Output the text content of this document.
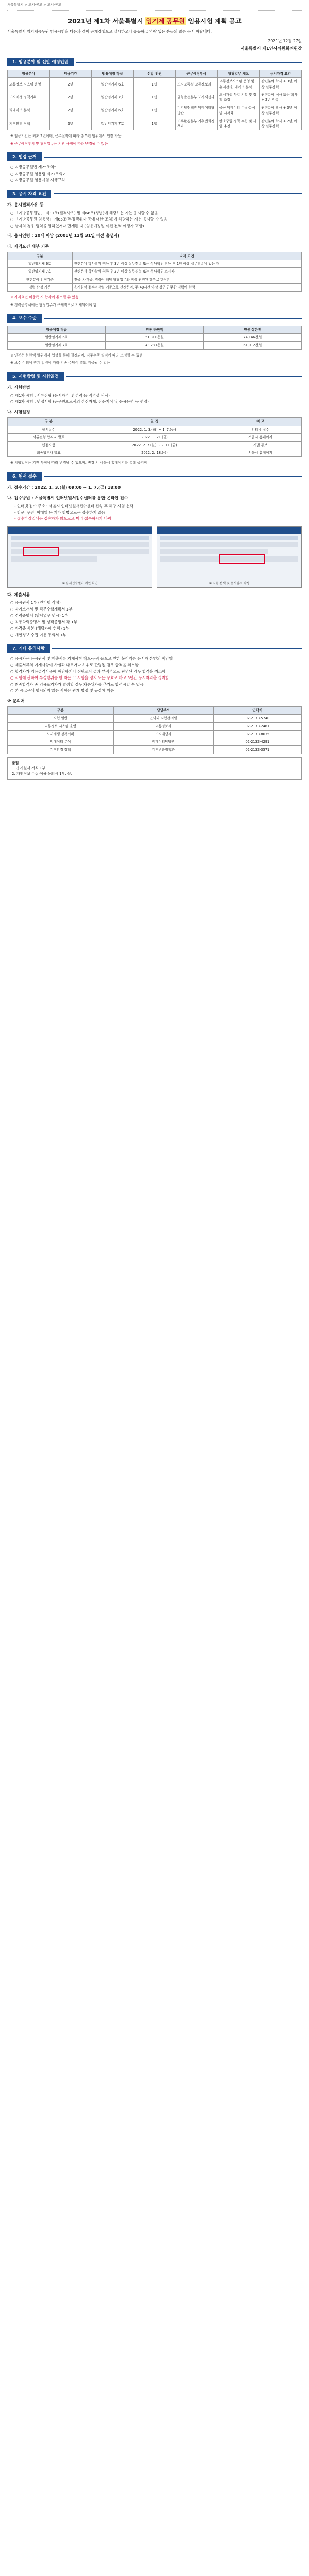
서울특별시 > 고시·공고 > 고시·공고
2021년 제1차 서울특별시 임기제 공무원 임용시험 계획 공고

서울특별시 임기제공무원 임용시험을 다음과 같이 공개경쟁으로 실시하오니 유능하고 역량 있는 분들의 많은 응시 바랍니다.

2021년 12월 27일
서울특별시 제1인사위원회위원장
1. 임용분야 및 선발 예정인원
임용분야	임용기간	임용예정 직급	선발 인원	근무예정부서	담당업무 개요	응시자격 요건
교통정보 시스템 운영	2년	일반임기제 6호	1명	도시교통실 교통정보과	교통정보시스템 운영 및 유지관리, 데이터 분석	관련분야 학사 + 3년 이상 실무경력
도시재생 정책기획	2년	일반임기제 7호	1명	균형발전본부 도시재생과	도시재생 사업 기획 및 정책 조정	관련분야 석사 또는 학사 + 2년 경력
빅데이터 분석	2년	일반임기제 6호	1명	디지털정책관 빅데이터담당관	공공 빅데이터 수집·분석 및 시각화	관련분야 학사 + 3년 이상 실무경력
기후환경 정책	2년	일반임기제 7호	1명	기후환경본부 기후변화정책과	탄소중립 정책 수립 및 사업 추진	관련분야 학사 + 2년 이상 실무경력
※ 임용기간은 최초 2년이며, 근무실적에 따라 총 5년 범위에서 연장 가능
※ 근무예정부서 및 담당업무는 기관 사정에 따라 변경될 수 있음
2. 법령 근거
○ 지방공무원법 제25조의5
○ 지방공무원 임용령 제21조의2
○ 지방공무원 임용시험 시행규칙
3. 응시 자격 요건
가. 응시결격사유 등
○ 「지방공무원법」 제31조(결격사유) 및 제66조(정년)에 해당하는 자는 응시할 수 없음
○ 「지방공무원 임용령」 제65조(부정행위자 등에 대한 조치)에 해당하는 자는 응시할 수 없음
○ 남자의 경우 병역을 필하였거나 면제된 자 (임용예정일 이전 전역 예정자 포함)
나. 응시연령 : 20세 이상 (2001년 12월 31일 이전 출생자)
다. 자격요건 세부 기준
구분	자격 요건
일반임기제 6호	관련분야 학사학위 취득 후 3년 이상 실무경력 또는 석사학위 취득 후 1년 이상 실무경력이 있는 자
일반임기제 7호	관련분야 학사학위 취득 후 2년 이상 실무경력 또는 석사학위 소지자
관련분야 인정기준	전공, 자격증, 경력이 해당 담당업무와 직접 관련된 경우로 한정함
경력 산정 기준	응시원서 접수마감일 기준으로 산정하며, 주 40시간 이상 상근 근무한 경력에 한함
※ 자격요건 미충족 시 합격이 취소될 수 있음
※ 경력증명서에는 담당업무가 구체적으로 기재되어야 함
4. 보수 수준
임용예정 직급	연봉 하한액	연봉 상한액
일반임기제 6호	51,310천원	74,146천원
일반임기제 7호	43,281천원	61,912천원
※ 연봉은 하한액 범위에서 협상을 통해 결정되며, 직무수행 실적에 따라 조정될 수 있음
※ 보수 이외에 관계 법령에 따라 각종 수당이 별도 지급될 수 있음
5. 시험방법 및 시험일정
가. 시험방법
○ 제1차 시험 : 서류전형 (응시자격 및 경력 등 적격성 심사)
○ 제2차 시험 : 면접시험 (공무원으로서의 정신자세, 전문지식 및 응용능력 등 평정)
나. 시험일정
구 분	일 정	비 고
원서접수	2022. 1. 3.(월) ~ 1. 7.(금)	인터넷 접수
서류전형 합격자 발표	2022. 1. 21.(금)	서울시 홈페이지
면접시험	2022. 2. 7.(월) ~ 2. 11.(금)	개별 통보
최종합격자 발표	2022. 2. 18.(금)	서울시 홈페이지
※ 시험일정은 기관 사정에 따라 변경될 수 있으며, 변경 시 서울시 홈페이지를 통해 공지함
6. 원서 접수
가. 접수기간 : 2022. 1. 3.(월) 09:00 ~ 1. 7.(금) 18:00
나. 접수방법 : 서울특별시 인터넷원서접수센터를 통한 온라인 접수
- 인터넷 접수 주소 : 서울시 인터넷원서접수센터 접속 후 해당 시험 선택
- 방문, 우편, 이메일 등 기타 방법으로는 접수하지 않음
- 접수마감일에는 접속자가 많으므로 미리 접수하시기 바람
① 원서접수센터 메인 화면	② 시험 선택 및 응시원서 작성
다. 제출서류
○ 응시원서 1부 (인터넷 작성)
○ 자기소개서 및 직무수행계획서 1부
○ 경력증명서 (담당업무 명시) 1부
○ 최종학력증명서 및 성적증명서 각 1부
○ 자격증 사본 (해당자에 한함) 1부
○ 개인정보 수집·이용 동의서 1부
7. 기타 유의사항
○ 응시자는 응시원서 및 제출서류 기재사항 착오·누락 등으로 인한 불이익은 응시자 본인의 책임임
○ 제출서류의 기재사항이 사실과 다르거나 허위로 판명될 경우 합격을 취소함
○ 합격자가 임용결격사유에 해당하거나 신원조사 결과 부적격으로 판명된 경우 합격을 취소함
○ 시험에 관하여 부정행위를 한 자는 그 시험을 정지 또는 무효로 하고 5년간 응시자격을 정지함
○ 최종합격자 중 임용포기자가 발생할 경우 차순위자를 추가로 합격시킬 수 있음
○ 본 공고문에 명시되지 않은 사항은 관계 법령 및 규정에 따름
※ 문의처
구분	담당부서	연락처
시험 일반	인사과 시험관리팀	02-2133-5740
교통정보 시스템 운영	교통정보과	02-2133-2481
도시재생 정책기획	도시재생과	02-2133-8635
빅데이터 분석	빅데이터담당관	02-2133-4291
기후환경 정책	기후변화정책과	02-2133-3571
붙임
1. 응시원서 서식 1부.
2. 개인정보 수집·이용 동의서 1부. 끝.
